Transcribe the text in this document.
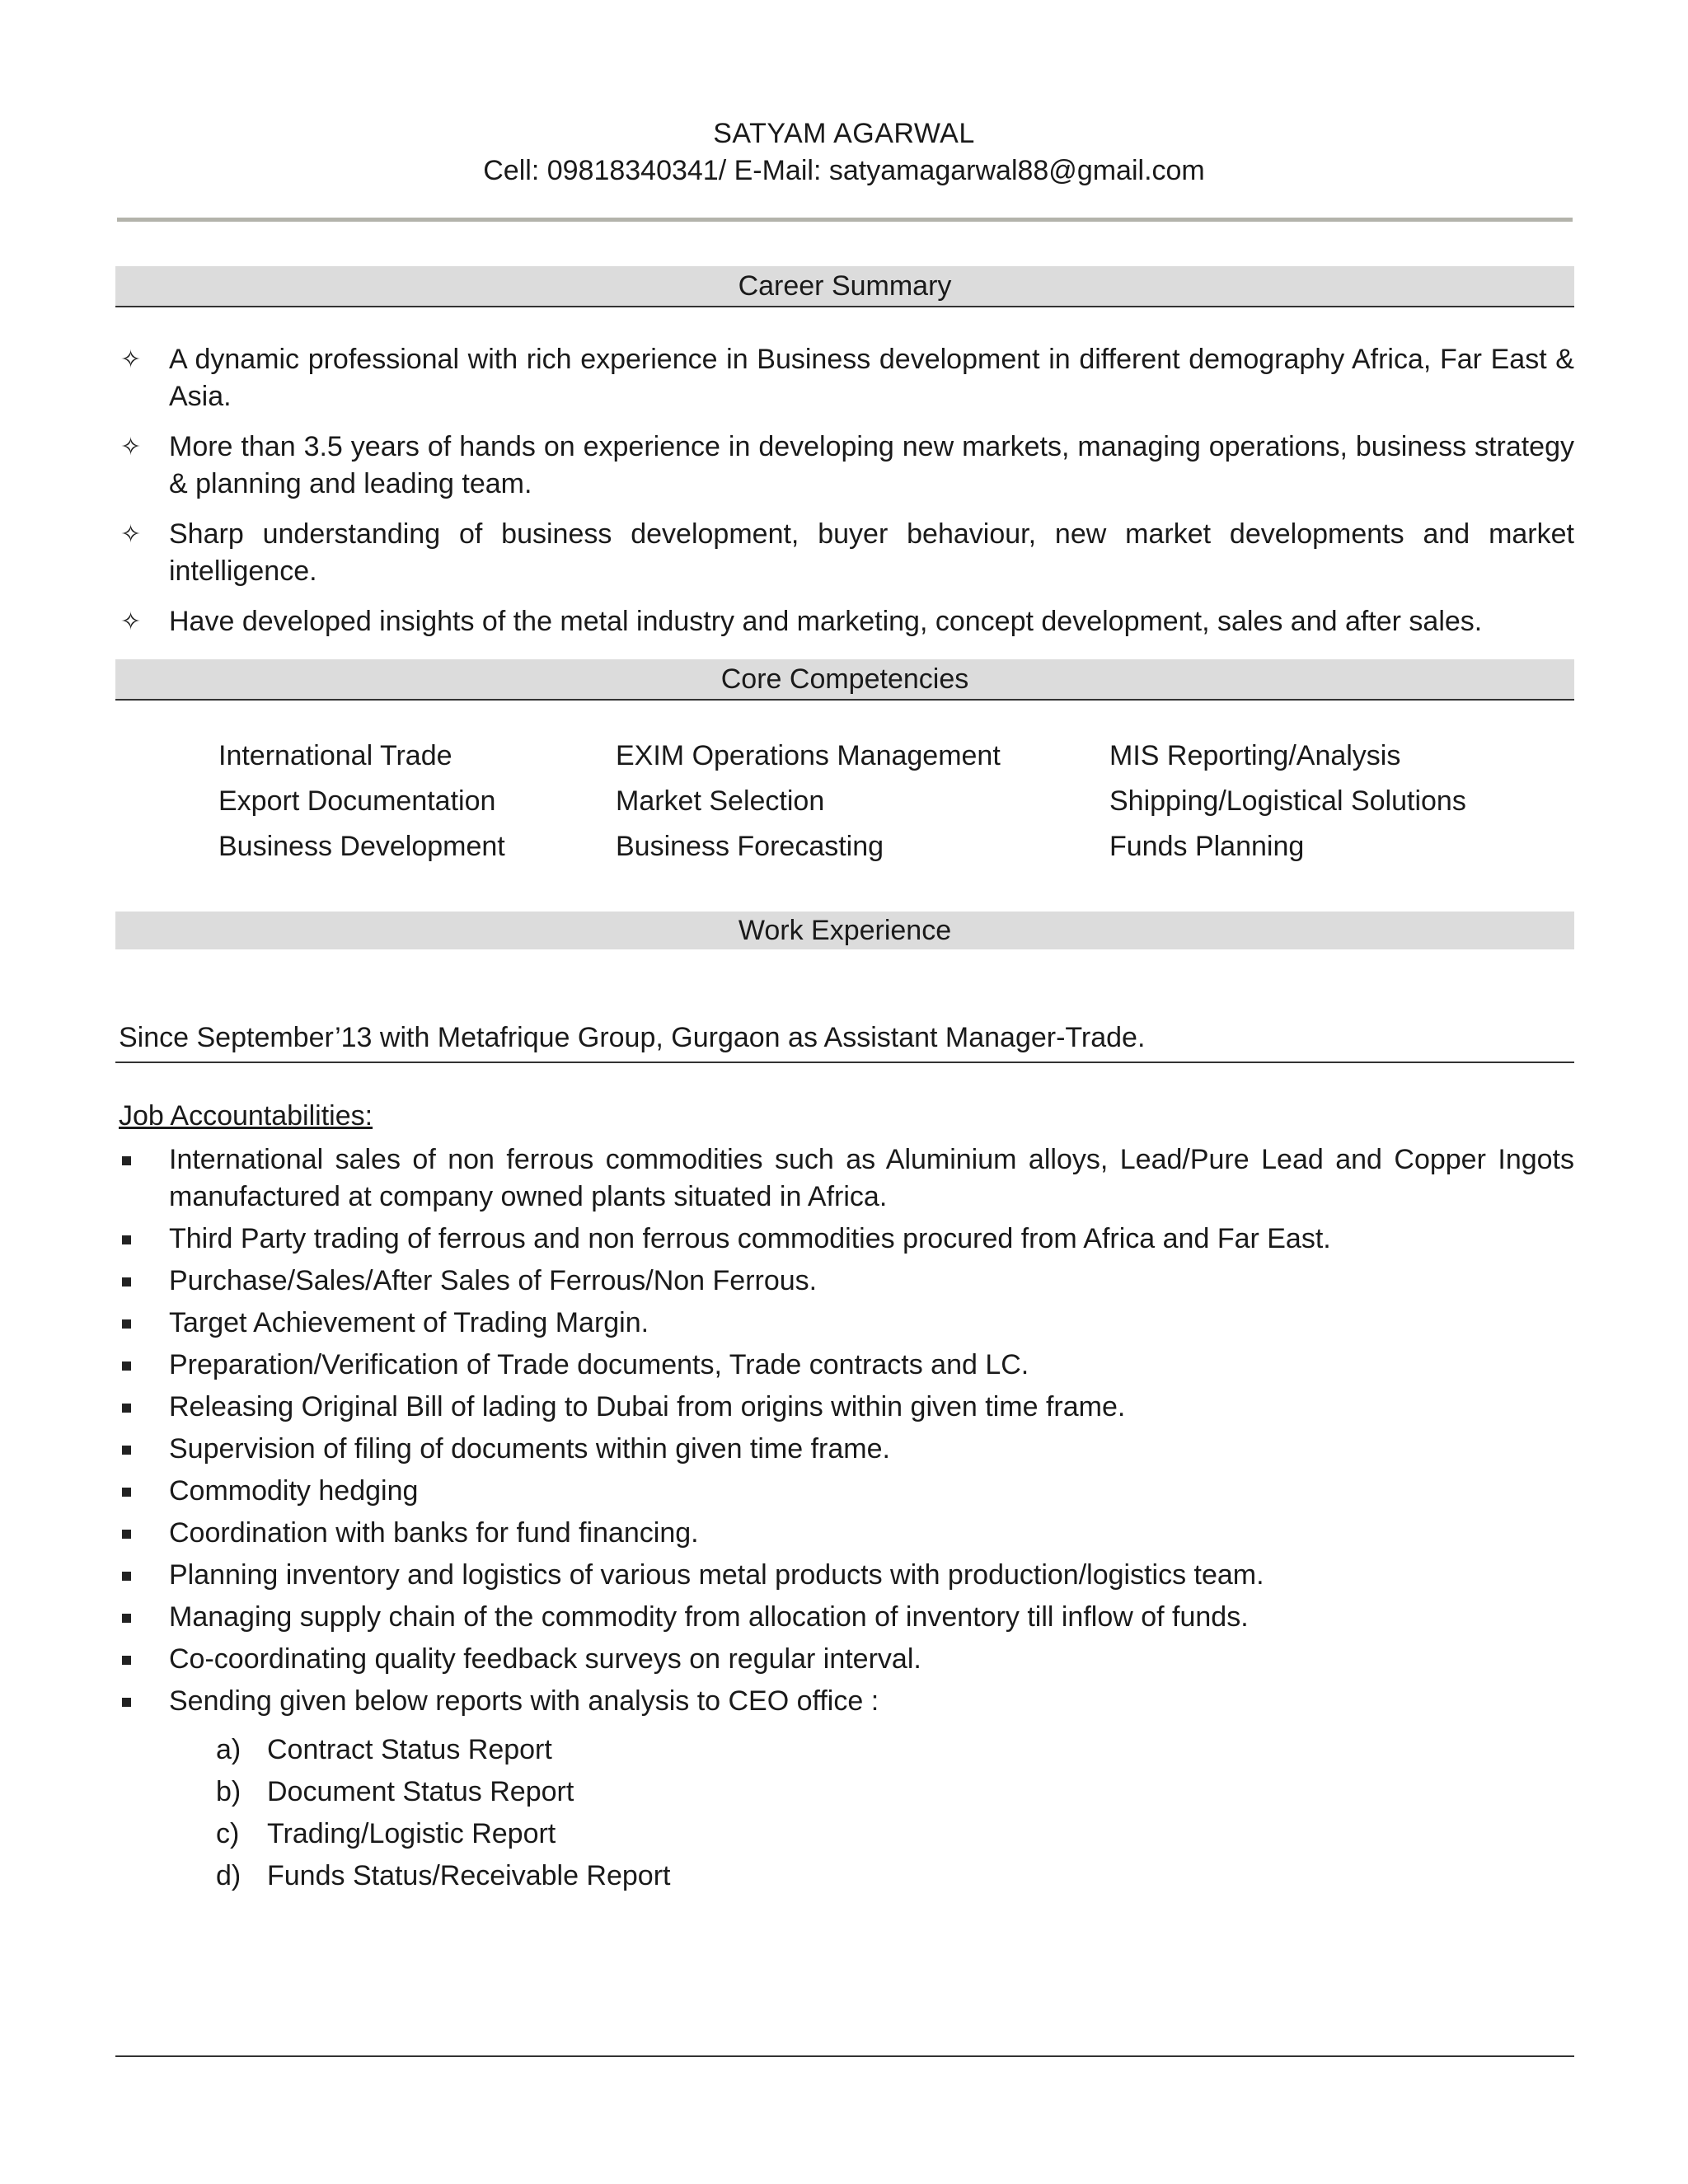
SATYAM AGARWAL
Cell: 09818340341/ E-Mail: satyamagarwal88@gmail.com
Career Summary
✧ A dynamic professional with rich experience in Business development in different demography Africa, Far East & Asia.
✧ More than 3.5 years of hands on experience in developing new markets, managing operations, business strategy & planning and leading team.
✧ Sharp understanding of business development, buyer behaviour, new market developments and market intelligence.
✧ Have developed insights of the metal industry and marketing, concept development, sales and after sales.
Core Competencies
International Trade
Export Documentation
Business Development
EXIM Operations Management
Market Selection
Business Forecasting
MIS Reporting/Analysis
Shipping/Logistical Solutions
Funds Planning
Work Experience
Since September’13 with Metafrique Group, Gurgaon as Assistant Manager-Trade.
Job Accountabilities:
International sales of non ferrous commodities such as Aluminium alloys, Lead/Pure Lead and Copper Ingots manufactured at company owned plants situated in Africa.
Third Party trading of ferrous and non ferrous commodities procured from Africa and Far East.
Purchase/Sales/After Sales of Ferrous/Non Ferrous.
Target Achievement of Trading Margin.
Preparation/Verification of Trade documents, Trade contracts and LC.
Releasing Original Bill of lading to Dubai from origins within given time frame.
Supervision of filing of documents within given time frame.
Commodity hedging
Coordination with banks for fund financing.
Planning inventory and logistics of various metal products with production/logistics team.
Managing supply chain of the commodity from allocation of inventory till inflow of funds.
Co-coordinating quality feedback surveys on regular interval.
Sending given below reports with analysis to CEO office :
a) Contract Status Report
b) Document Status Report
c) Trading/Logistic Report
d) Funds Status/Receivable Report
